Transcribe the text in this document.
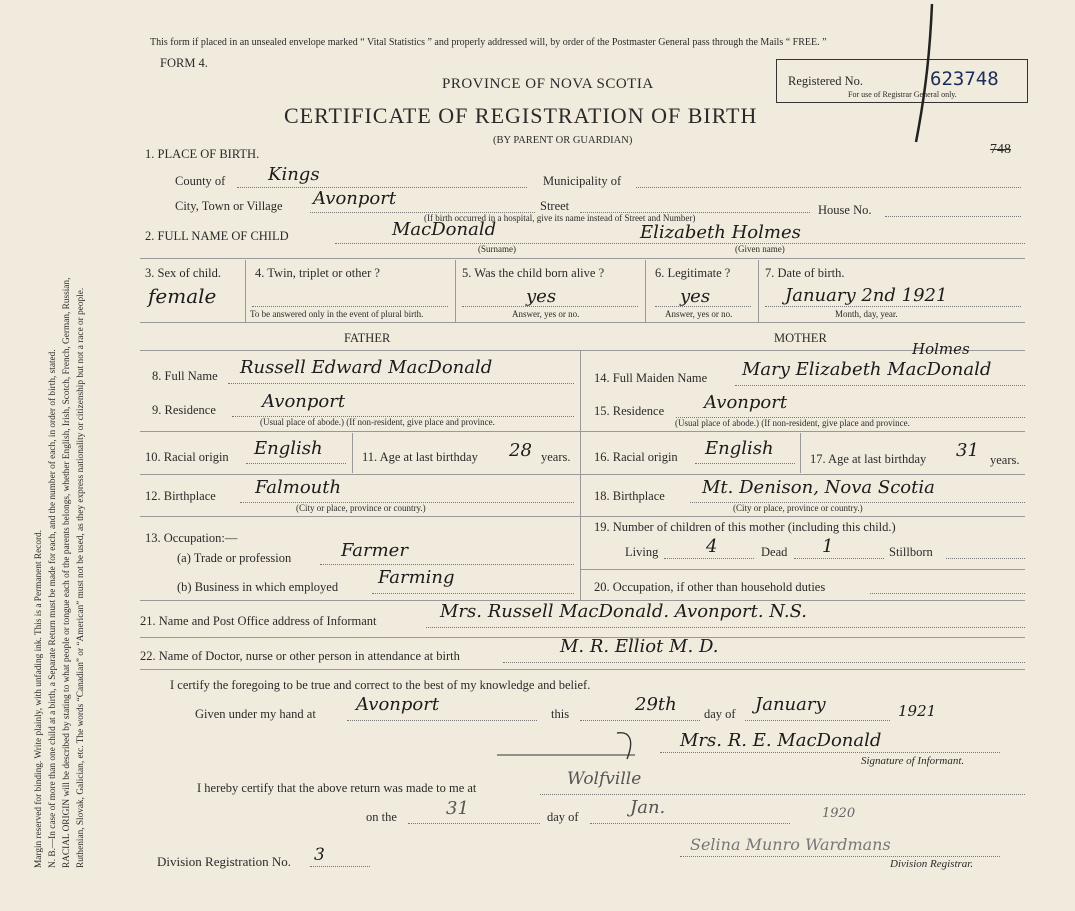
Margin reserved for binding. Write plainly, with unfading ink. This is a Permanent Record. N. B.—In case of more than one child at a birth, a Separate Return must be made for each, and the number of each, in order of birth, stated. RACIAL ORIGIN will be described by stating to what people or tongue each of the parents belongs, whether English, Irish, Scotch, French, German, Russian, Ruthenian, Slovak, Galician, etc. The words “Canadian” or “American” must not be used, as they express nationality or citizenship but not a race or people.
This form if placed in an unsealed envelope marked “ Vital Statistics ” and properly addressed will, by order of the Postmaster General pass through the Mails “ FREE. ”
FORM 4.
PROVINCE OF NOVA SCOTIA
CERTIFICATE OF REGISTRATION OF BIRTH
(BY PARENT OR GUARDIAN)
Registered No.	623748
For use of Registrar General only.
748
1. PLACE OF BIRTH.
County of Kings	Municipality of
City, Town or Village Avonport	Street	House No.
(If birth occurred in a hospital, give its name instead of Street and Number)
2. FULL NAME OF CHILD	MacDonald	Elizabeth Holmes
(Surname)	(Given name)
3. Sex of child.
female
4. Twin, triplet or other ?
To be answered only in the event of plural birth.
5. Was the child born alive ?
yes
Answer, yes or no.
6. Legitimate ?
yes
Answer, yes or no.
7. Date of birth.
January 2nd 1921
Month, day, year.
FATHER	MOTHER
8. Full Name Russell Edward MacDonald
9. Residence	Avonport
(Usual place of abode.) (If non-resident, give place and province.
10. Racial origin English	11. Age at last birthday 28 years.
12. Birthplace Falmouth
(City or place, province or country.)
13. Occupation:—
(a) Trade or profession	Farmer
(b) Business in which employed Farming
Holmes
14. Full Maiden Name Mary Elizabeth MacDonald
15. Residence Avonport
(Usual place of abode.) (If non-resident, give place and province.
16. Racial origin English	17. Age at last birthday 31 years.
18. Birthplace Mt. Denison, Nova Scotia
(City or place, province or country.)
19. Number of children of this mother (including this child.)
Living	4	Dead 1	Stillborn
20. Occupation, if other than household duties
21. Name and Post Office address of Informant	Mrs. Russell MacDonald. Avonport. N.S.
22. Name of Doctor, nurse or other person in attendance at birth	M. R. Elliot M. D.
I certify the foregoing to be true and correct to the best of my knowledge and belief.
Given under my hand at Avonport	this	29th day of January	1921
Mrs. R. E. MacDonald
Signature of Informant.
I hereby certify that the above return was made to me at	Wolfville
on the	31	day of	Jan.	1920
Division Registration No. 3
Selina Munro Wardmans
Division Registrar.
